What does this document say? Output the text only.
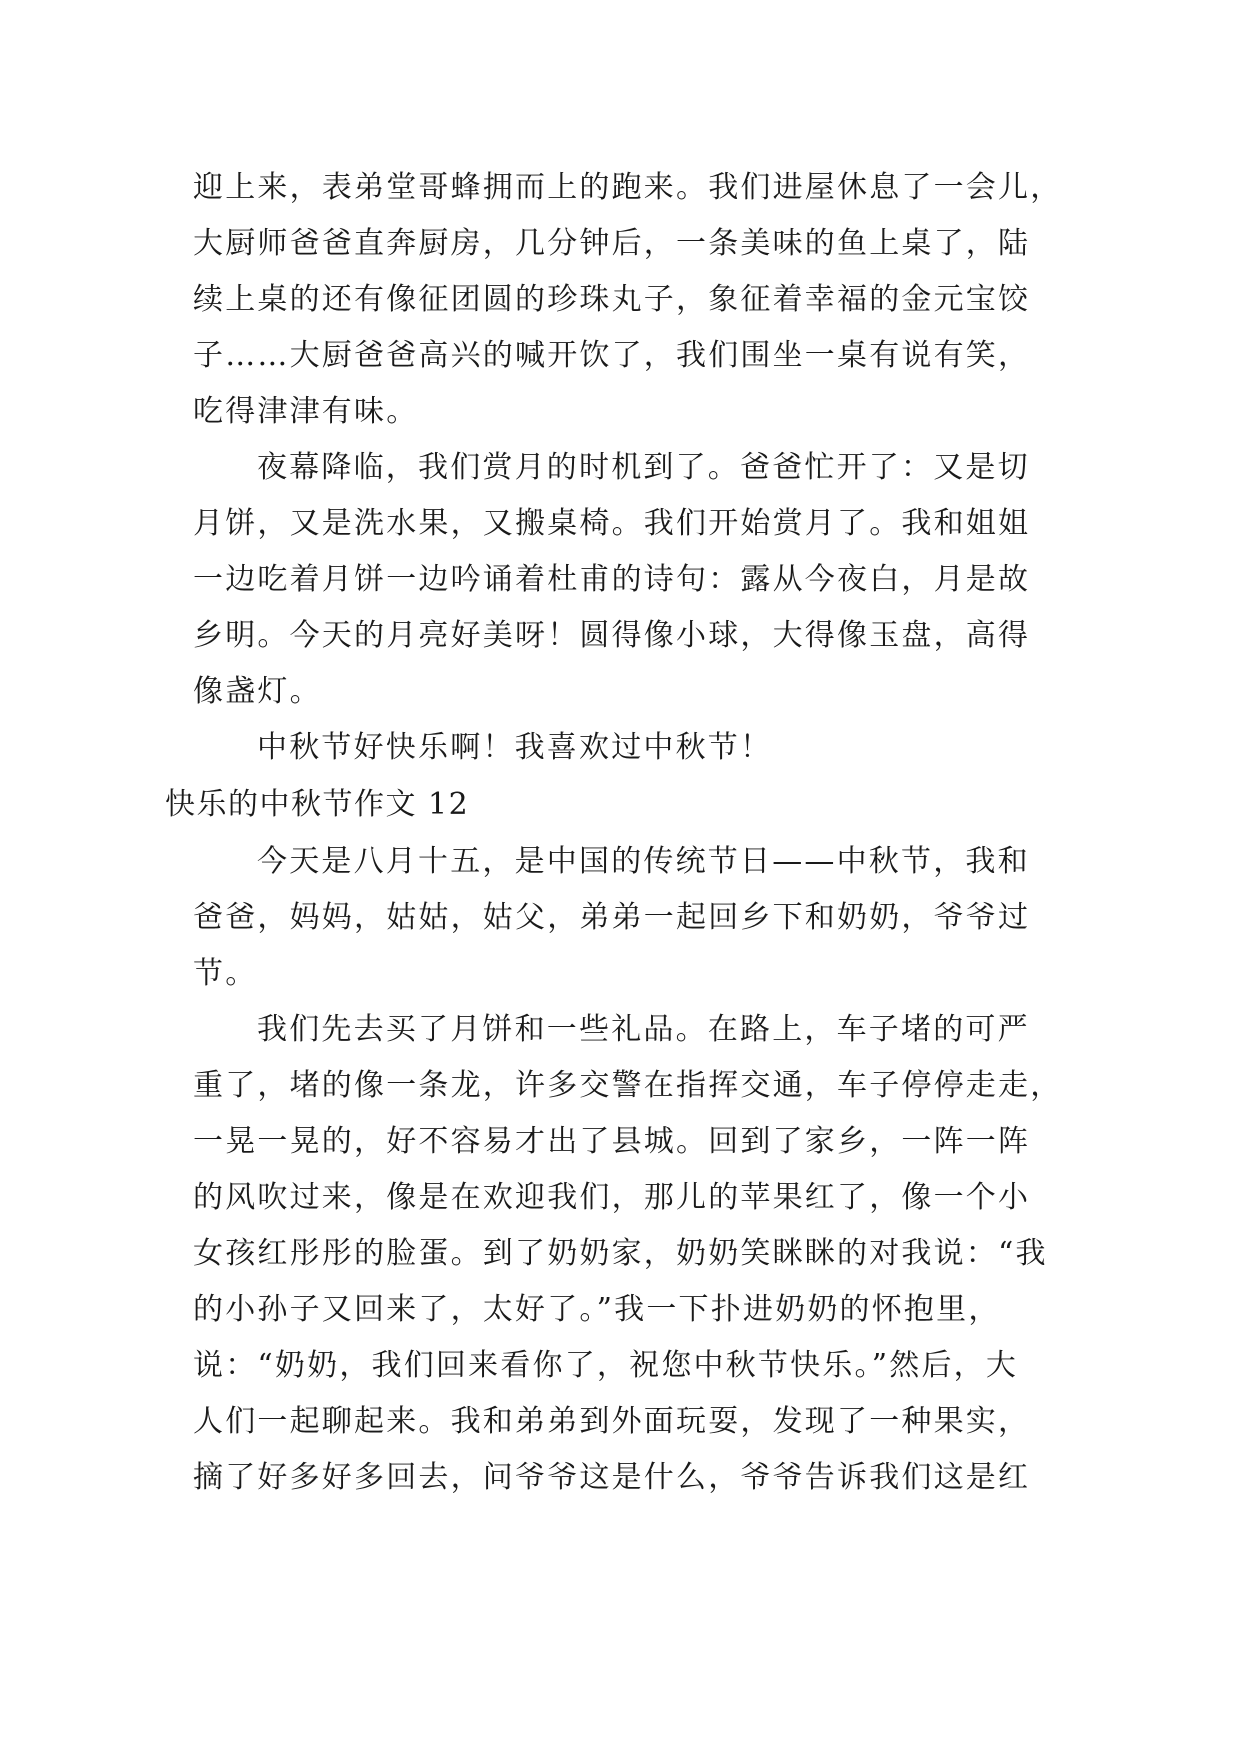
迎上来，表弟堂哥蜂拥而上的跑来。我们进屋休息了一会儿，
大厨师爸爸直奔厨房，几分钟后，一条美味的鱼上桌了，陆
续上桌的还有像征团圆的珍珠丸子，象征着幸福的金元宝饺
子……大厨爸爸高兴的喊开饮了，我们围坐一桌有说有笑，
吃得津津有味。
夜幕降临，我们赏月的时机到了。爸爸忙开了：又是切
月饼，又是洗水果，又搬桌椅。我们开始赏月了。我和姐姐
一边吃着月饼一边吟诵着杜甫的诗句：露从今夜白，月是故
乡明。今天的月亮好美呀！圆得像小球，大得像玉盘，高得
像盏灯。
中秋节好快乐啊！我喜欢过中秋节！
快乐的中秋节作文 12
今天是八月十五，是中国的传统节日——中秋节，我和
爸爸，妈妈，姑姑，姑父，弟弟一起回乡下和奶奶，爷爷过
节。
我们先去买了月饼和一些礼品。在路上，车子堵的可严
重了，堵的像一条龙，许多交警在指挥交通，车子停停走走，
一晃一晃的，好不容易才出了县城。回到了家乡，一阵一阵
的风吹过来，像是在欢迎我们，那儿的苹果红了，像一个小
女孩红彤彤的脸蛋。到了奶奶家，奶奶笑眯眯的对我说：“我
的小孙子又回来了，太好了。”我一下扑进奶奶的怀抱里，
说：“奶奶，我们回来看你了，祝您中秋节快乐。”然后，大
人们一起聊起来。我和弟弟到外面玩耍，发现了一种果实，
摘了好多好多回去，问爷爷这是什么，爷爷告诉我们这是红
